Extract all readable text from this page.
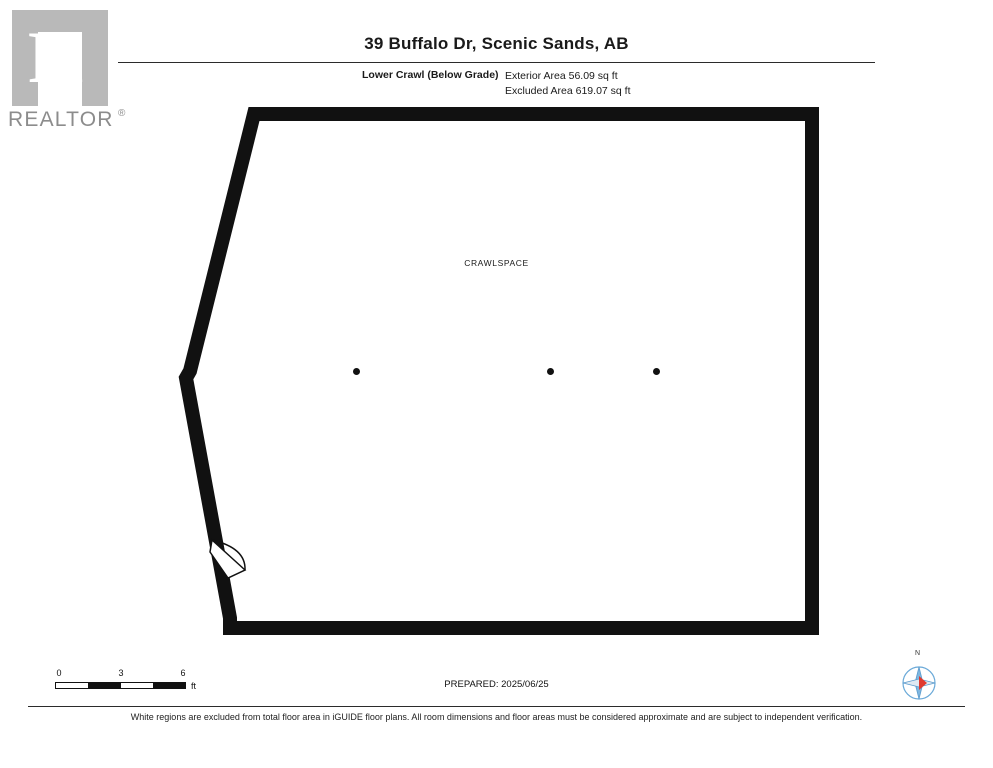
R
REALTOR ®
39 Buffalo Dr, Scenic Sands, AB
Lower Crawl (Below Grade) Exterior Area 56.09 sq ft
Excluded Area 619.07 sq ft
CRAWLSPACE
0	3	6
ft	PREPARED: 2025/06/25
N
White regions are excluded from total floor area in iGUIDE floor plans. All room dimensions and floor areas must be considered approximate and are subject to independent verification.
